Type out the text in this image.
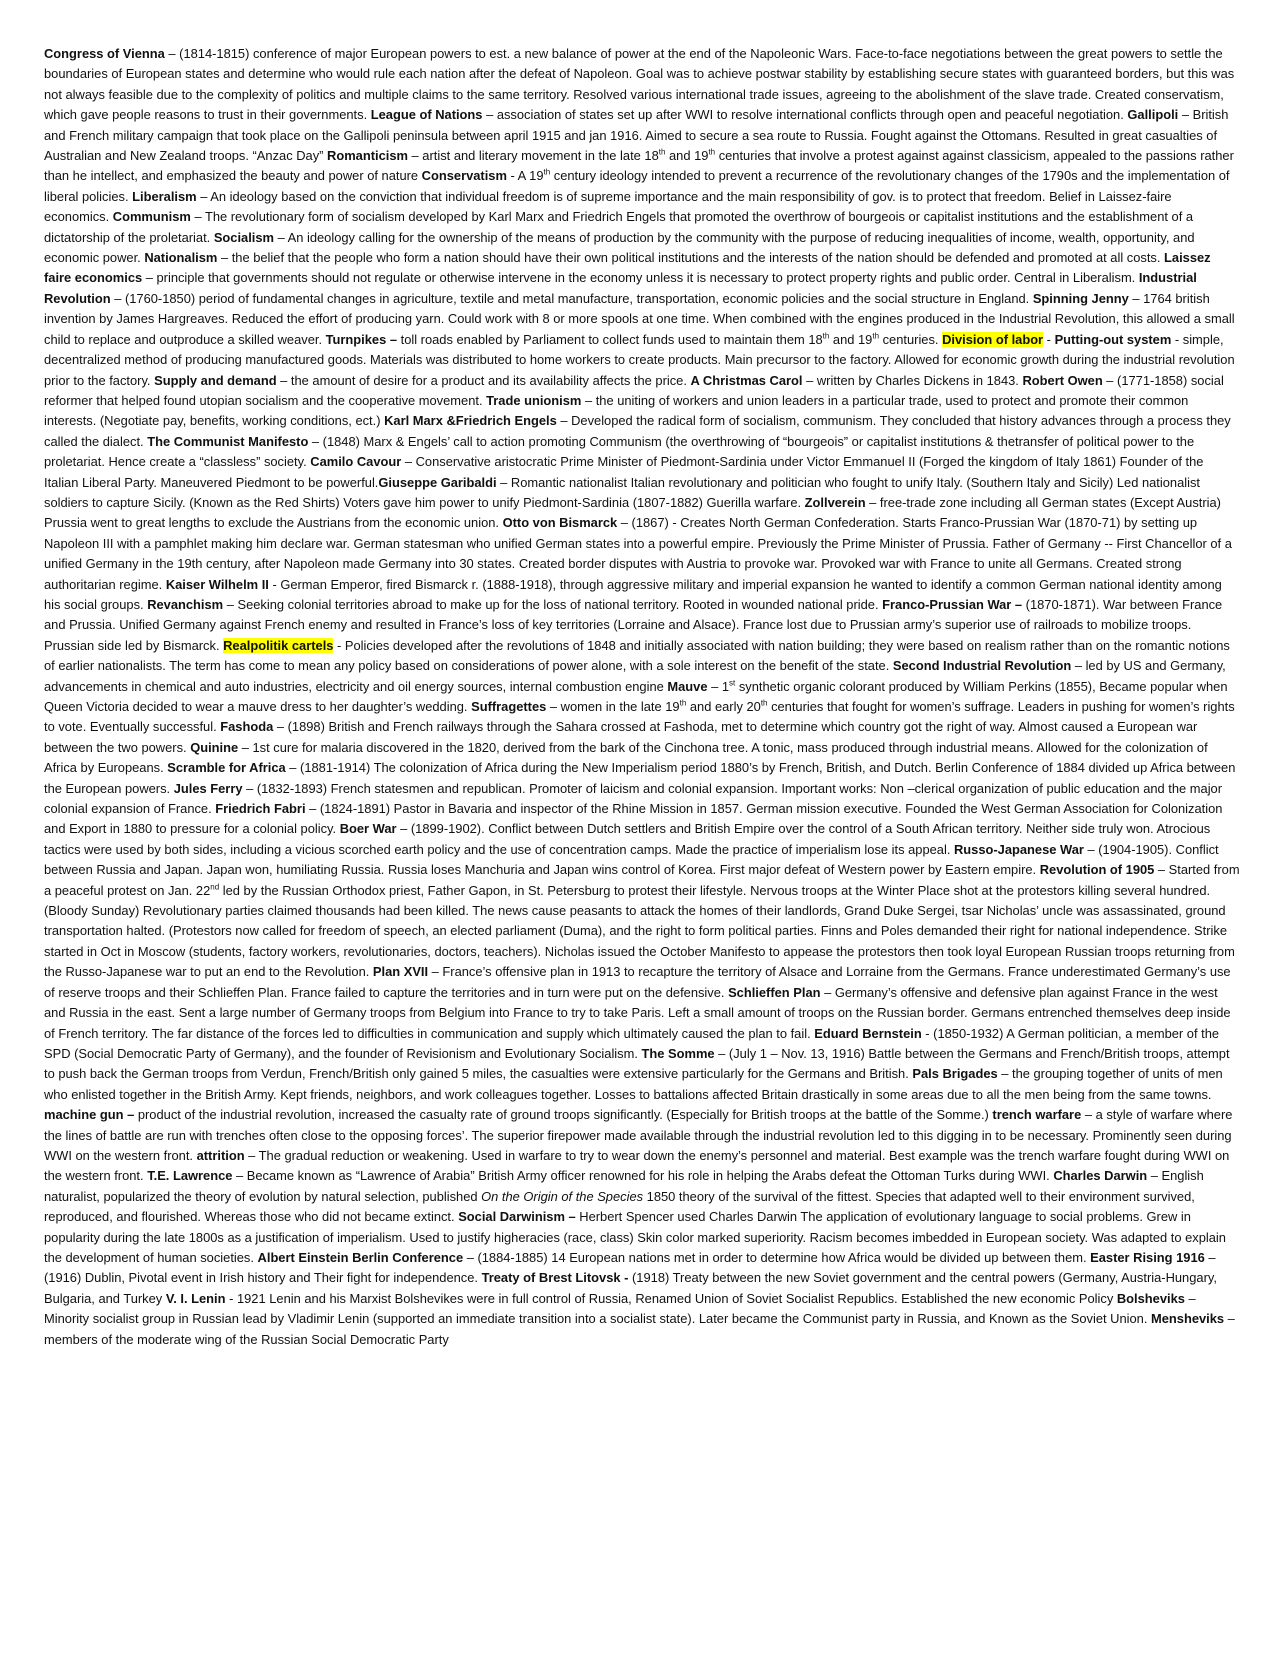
Congress of Vienna – (1814-1815) conference of major European powers to est. a new balance of power at the end of the Napoleonic Wars. Face-to-face negotiations between the great powers to settle the boundaries of European states and determine who would rule each nation after the defeat of Napoleon. Goal was to achieve postwar stability by establishing secure states with guaranteed borders, but this was not always feasible due to the complexity of politics and multiple claims to the same territory. Resolved various international trade issues, agreeing to the abolishment of the slave trade. Created conservatism, which gave people reasons to trust in their governments. League of Nations – association of states set up after WWI to resolve international conflicts through open and peaceful negotiation. Gallipoli – British and French military campaign that took place on the Gallipoli peninsula between april 1915 and jan 1916. Aimed to secure a sea route to Russia. Fought against the Ottomans. Resulted in great casualties of Australian and New Zealand troops. “Anzac Day” Romanticism – artist and literary movement in the late 18th and 19th centuries that involve a protest against against classicism, appealed to the passions rather than he intellect, and emphasized the beauty and power of nature Conservatism - A 19th century ideology intended to prevent a recurrence of the revolutionary changes of the 1790s and the implementation of liberal policies. Liberalism – An ideology based on the conviction that individual freedom is of supreme importance and the main responsibility of gov. is to protect that freedom. Belief in Laissez-faire economics. Communism – The revolutionary form of socialism developed by Karl Marx and Friedrich Engels that promoted the overthrow of bourgeois or capitalist institutions and the establishment of a dictatorship of the proletariat. Socialism – An ideology calling for the ownership of the means of production by the community with the purpose of reducing inequalities of income, wealth, opportunity, and economic power. Nationalism – the belief that the people who form a nation should have their own political institutions and the interests of the nation should be defended and promoted at all costs. Laissez faire economics – principle that governments should not regulate or otherwise intervene in the economy unless it is necessary to protect property rights and public order. Central in Liberalism. Industrial Revolution – (1760-1850) period of fundamental changes in agriculture, textile and metal manufacture, transportation, economic policies and the social structure in England. Spinning Jenny – 1764 british invention by James Hargreaves. Reduced the effort of producing yarn. Could work with 8 or more spools at one time. When combined with the engines produced in the Industrial Revolution, this allowed a small child to replace and outproduce a skilled weaver. Turnpikes – toll roads enabled by Parliament to collect funds used to maintain them 18th and 19th centuries. Division of labor - Putting-out system - simple, decentralized method of producing manufactured goods. Materials was distributed to home workers to create products. Main precursor to the factory. Allowed for economic growth during the industrial revolution prior to the factory. Supply and demand – the amount of desire for a product and its availability affects the price. A Christmas Carol – written by Charles Dickens in 1843. Robert Owen – (1771-1858) social reformer that helped found utopian socialism and the cooperative movement. Trade unionism – the uniting of workers and union leaders in a particular trade, used to protect and promote their common interests. (Negotiate pay, benefits, working conditions, ect.) Karl Marx &Friedrich Engels – Developed the radical form of socialism, communism. They concluded that history advances through a process they called the dialect. The Communist Manifesto – (1848) Marx & Engels’ call to action promoting Communism (the overthrowing of “bourgeois” or capitalist institutions & thetransfer of political power to the proletariat. Hence create a “classless” society. Camilo Cavour – Conservative aristocratic Prime Minister of Piedmont-Sardinia under Victor Emmanuel II (Forged the kingdom of Italy 1861) Founder of the Italian Liberal Party. Maneuvered Piedmont to be powerful.Giuseppe Garibaldi – Romantic nationalist Italian revolutionary and politician who fought to unify Italy. (Southern Italy and Sicily) Led nationalist soldiers to capture Sicily. (Known as the Red Shirts) Voters gave him power to unify Piedmont-Sardinia (1807-1882) Guerilla warfare. Zollverein – free-trade zone including all German states (Except Austria) Prussia went to great lengths to exclude the Austrians from the economic union. Otto von Bismarck – (1867) - Creates North German Confederation. Starts Franco-Prussian War (1870-71) by setting up Napoleon III with a pamphlet making him declare war. German statesman who unified German states into a powerful empire. Previously the Prime Minister of Prussia. Father of Germany -- First Chancellor of a unified Germany in the 19th century, after Napoleon made Germany into 30 states. Created border disputes with Austria to provoke war. Provoked war with France to unite all Germans. Created strong authoritarian regime. Kaiser Wilhelm II - German Emperor, fired Bismarck r. (1888-1918), through aggressive military and imperial expansion he wanted to identify a common German national identity among his social groups. Revanchism – Seeking colonial territories abroad to make up for the loss of national territory. Rooted in wounded national pride. Franco-Prussian War – (1870-1871). War between France and Prussia. Unified Germany against French enemy and resulted in France’s loss of key territories (Lorraine and Alsace). France lost due to Prussian army’s superior use of railroads to mobilize troops. Prussian side led by Bismarck. Realpolitik cartels - Policies developed after the revolutions of 1848 and initially associated with nation building; they were based on realism rather than on the romantic notions of earlier nationalists. The term has come to mean any policy based on considerations of power alone, with a sole interest on the benefit of the state. Second Industrial Revolution – led by US and Germany, advancements in chemical and auto industries, electricity and oil energy sources, internal combustion engine Mauve – 1st synthetic organic colorant produced by William Perkins (1855), Became popular when Queen Victoria decided to wear a mauve dress to her daughter’s wedding. Suffragettes – women in the late 19th and early 20th centuries that fought for women’s suffrage. Leaders in pushing for women’s rights to vote. Eventually successful. Fashoda – (1898) British and French railways through the Sahara crossed at Fashoda, met to determine which country got the right of way. Almost caused a European war between the two powers. Quinine – 1st cure for malaria discovered in the 1820, derived from the bark of the Cinchona tree. A tonic, mass produced through industrial means. Allowed for the colonization of Africa by Europeans. Scramble for Africa – (1881-1914) The colonization of Africa during the New Imperialism period 1880’s by French, British, and Dutch. Berlin Conference of 1884 divided up Africa between the European powers. Jules Ferry – (1832-1893) French statesmen and republican. Promoter of laicism and colonial expansion. Important works: Non –clerical organization of public education and the major colonial expansion of France. Friedrich Fabri – (1824-1891) Pastor in Bavaria and inspector of the Rhine Mission in 1857. German mission executive. Founded the West German Association for Colonization and Export in 1880 to pressure for a colonial policy. Boer War – (1899-1902). Conflict between Dutch settlers and British Empire over the control of a South African territory. Neither side truly won. Atrocious tactics were used by both sides, including a vicious scorched earth policy and the use of concentration camps. Made the practice of imperialism lose its appeal. Russo-Japanese War – (1904-1905). Conflict between Russia and Japan. Japan won, humiliating Russia. Russia loses Manchuria and Japan wins control of Korea. First major defeat of Western power by Eastern empire. Revolution of 1905 – Started from a peaceful protest on Jan. 22nd led by the Russian Orthodox priest, Father Gapon, in St. Petersburg to protest their lifestyle. Nervous troops at the Winter Place shot at the protestors killing several hundred. (Bloody Sunday) Revolutionary parties claimed thousands had been killed. The news cause peasants to attack the homes of their landlords, Grand Duke Sergei, tsar Nicholas’ uncle was assassinated, ground transportation halted. (Protestors now called for freedom of speech, an elected parliament (Duma), and the right to form political parties. Finns and Poles demanded their right for national independence. Strike started in Oct in Moscow (students, factory workers, revolutionaries, doctors, teachers). Nicholas issued the October Manifesto to appease the protestors then took loyal European Russian troops returning from the Russo-Japanese war to put an end to the Revolution. Plan XVII – France’s offensive plan in 1913 to recapture the territory of Alsace and Lorraine from the Germans. France underestimated Germany’s use of reserve troops and their Schlieffen Plan. France failed to capture the territories and in turn were put on the defensive. Schlieffen Plan – Germany’s offensive and defensive plan against France in the west and Russia in the east. Sent a large number of Germany troops from Belgium into France to try to take Paris. Left a small amount of troops on the Russian border. Germans entrenched themselves deep inside of French territory. The far distance of the forces led to difficulties in communication and supply which ultimately caused the plan to fail. Eduard Bernstein - (1850-1932) A German politician, a member of the SPD (Social Democratic Party of Germany), and the founder of Revisionism and Evolutionary Socialism. The Somme – (July 1 – Nov. 13, 1916) Battle between the Germans and French/British troops, attempt to push back the German troops from Verdun, French/British only gained 5 miles, the casualties were extensive particularly for the Germans and British. Pals Brigades – the grouping together of units of men who enlisted together in the British Army. Kept friends, neighbors, and work colleagues together. Losses to battalions affected Britain drastically in some areas due to all the men being from the same towns. machine gun – product of the industrial revolution, increased the casualty rate of ground troops significantly. (Especially for British troops at the battle of the Somme.) trench warfare – a style of warfare where the lines of battle are run with trenches often close to the opposing forces’. The superior firepower made available through the industrial revolution led to this digging in to be necessary. Prominently seen during WWI on the western front. attrition – The gradual reduction or weakening. Used in warfare to try to wear down the enemy’s personnel and material. Best example was the trench warfare fought during WWI on the western front. T.E. Lawrence – Became known as “Lawrence of Arabia” British Army officer renowned for his role in helping the Arabs defeat the Ottoman Turks during WWI. Charles Darwin – English naturalist, popularized the theory of evolution by natural selection, published On the Origin of the Species 1850 theory of the survival of the fittest. Species that adapted well to their environment survived, reproduced, and flourished. Whereas those who did not became extinct. Social Darwinism – Herbert Spencer used Charles Darwin The application of evolutionary language to social problems. Grew in popularity during the late 1800s as a justification of imperialism. Used to justify higheracies (race, class) Skin color marked superiority. Racism becomes imbedded in European society. Was adapted to explain the development of human societies. Albert Einstein Berlin Conference – (1884-1885) 14 European nations met in order to determine how Africa would be divided up between them. Easter Rising 1916 – (1916) Dublin, Pivotal event in Irish history and Their fight for independence. Treaty of Brest Litovsk - (1918) Treaty between the new Soviet government and the central powers (Germany, Austria-Hungary, Bulgaria, and Turkey V. I. Lenin - 1921 Lenin and his Marxist Bolshevikes were in full control of Russia, Renamed Union of Soviet Socialist Republics. Established the new economic Policy Bolsheviks – Minority socialist group in Russian lead by Vladimir Lenin (supported an immediate transition into a socialist state). Later became the Communist party in Russia, and Known as the Soviet Union. Mensheviks – members of the moderate wing of the Russian Social Democratic Party
